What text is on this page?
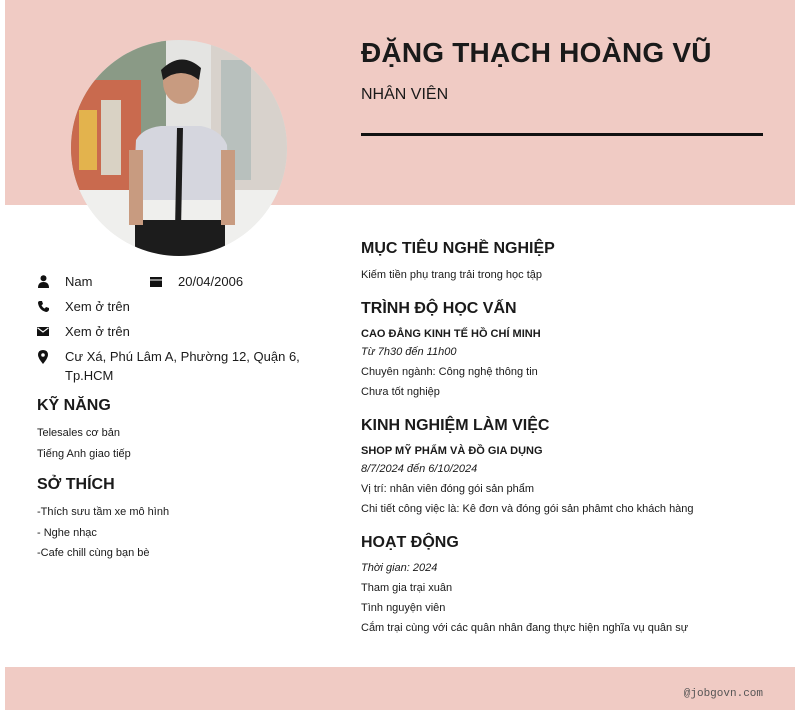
ĐẶNG THẠCH HOÀNG VŨ
NHÂN VIÊN
Nam	20/04/2006
Xem ở trên
Xem ở trên
Cư Xá, Phú Lâm A, Phường 12, Quận 6, Tp.HCM
KỸ NĂNG
Telesales cơ bản
Tiếng Anh giao tiếp
SỞ THÍCH
-Thích sưu tầm xe mô hình
- Nghe nhạc
-Cafe chill cùng bạn bè
MỤC TIÊU NGHỀ NGHIỆP
Kiếm tiền phụ trang trải trong học tập
TRÌNH ĐỘ HỌC VẤN
CAO ĐẲNG KINH TẾ HỒ CHÍ MINH
Từ 7h30 đến 11h00
Chuyên ngành: Công nghệ thông tin
Chưa tốt nghiệp
KINH NGHIỆM LÀM VIỆC
SHOP MỸ PHẨM VÀ ĐỒ GIA DỤNG
8/7/2024 đến 6/10/2024
Vị trí: nhân viên đóng gói sản phẩm
Chi tiết công việc là: Kê đơn và đóng gói sản phâmt cho khách hàng
HOẠT ĐỘNG
Thời gian: 2024
Tham gia trại xuân
Tình nguyện viên
Cắm trại cùng với các quân nhân đang thực hiện nghĩa vụ quân sự
@jobgovn.com
